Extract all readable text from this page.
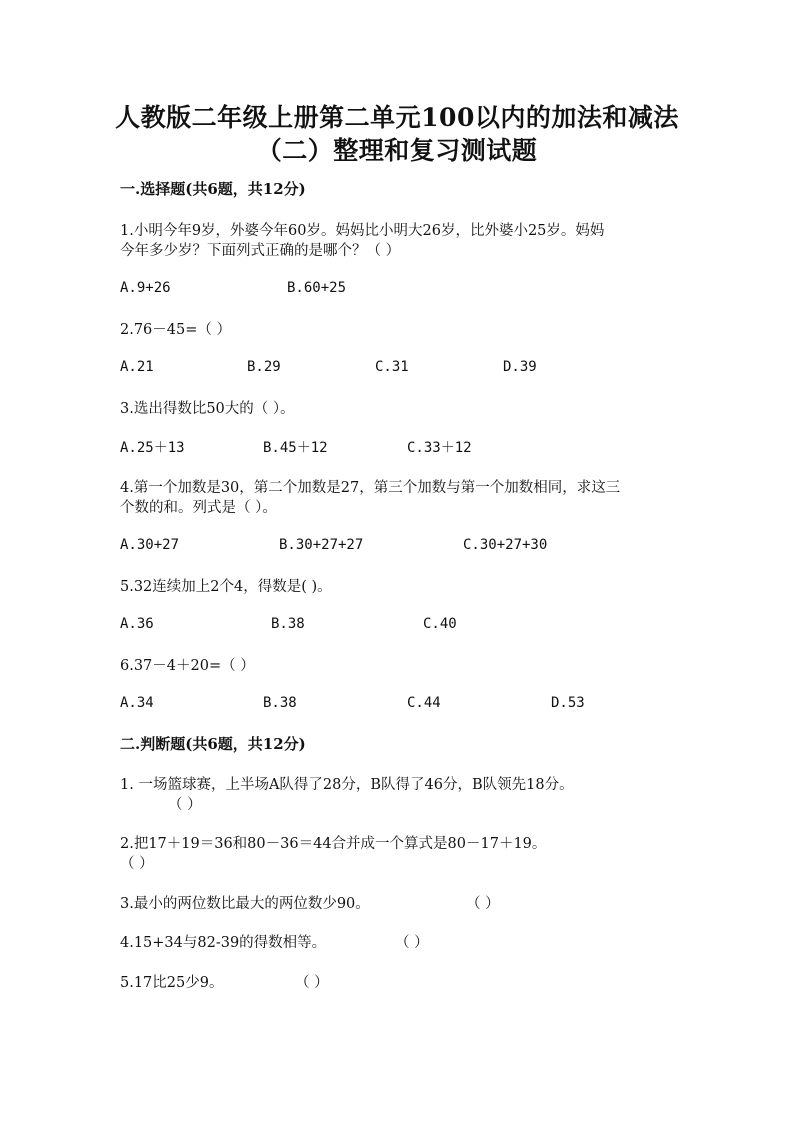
人教版二年级上册第二单元100以内的加法和减法
（二）整理和复习测试题
一.选择题(共6题，共12分)
1.小明今年9岁，外婆今年60岁。妈妈比小明大26岁，比外婆小25岁。妈妈
今年多少岁？下面列式正确的是哪个？（ ）
A.9+26	B.60+25
2.76－45=（ ）
A.21	B.29	C.31	D.39
3.选出得数比50大的（ ）。
A.25＋13	B.45＋12	C.33＋12
4.第一个加数是30，第二个加数是27，第三个加数与第一个加数相同，求这三
个数的和。列式是（ ）。
A.30+27	B.30+27+27	C.30+27+30
5.32连续加上2个4，得数是( )。
A.36	B.38	C.40
6.37－4＋20=（ ）
A.34	B.38	C.44	D.53
二.判断题(共6题，共12分)
1. 一场篮球赛，上半场A队得了28分，B队得了46分，B队领先18分。
（ ）
2.把17＋19＝36和80－36＝44合并成一个算式是80－17＋19。
（ ）
3.最小的两位数比最大的两位数少90。	（ ）
4.15+34与82-39的得数相等。	（ ）
5.17比25少9。	（ ）
